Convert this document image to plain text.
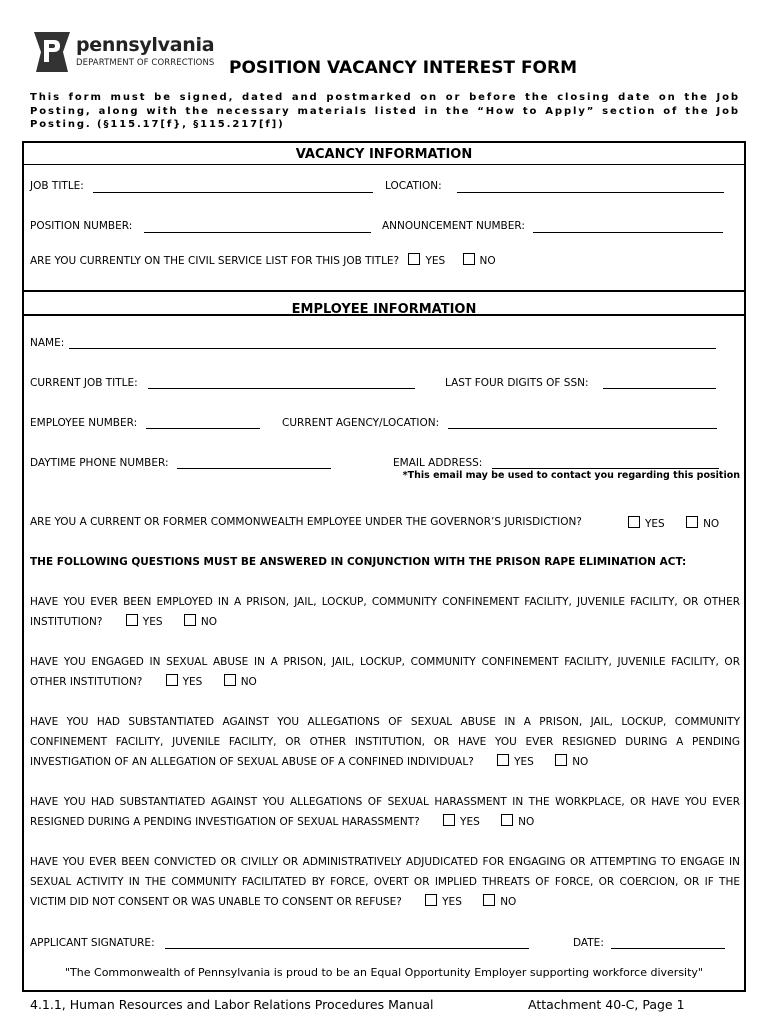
pennsylvania
DEPARTMENT OF CORRECTIONS POSITION VACANCY INTEREST FORM
This form must be signed, dated and postmarked on or before the closing date on the Job Posting, along with the necessary materials listed in the “How to Apply” section of the Job Posting. (§115.17[f}, §115.217[f])
VACANCY INFORMATION
JOB TITLE:	LOCATION:
POSITION NUMBER:	ANNOUNCEMENT NUMBER:
ARE YOU CURRENTLY ON THE CIVIL SERVICE LIST FOR THIS JOB TITLE?	YES	NO
EMPLOYEE INFORMATION
NAME:
CURRENT JOB TITLE:	LAST FOUR DIGITS OF SSN:
EMPLOYEE NUMBER:	CURRENT AGENCY/LOCATION:
DAYTIME PHONE NUMBER:	EMAIL ADDRESS:
*This email may be used to contact you regarding this position
ARE YOU A CURRENT OR FORMER COMMONWEALTH EMPLOYEE UNDER THE GOVERNOR’S JURISDICTION?	YES	NO
THE FOLLOWING QUESTIONS MUST BE ANSWERED IN CONJUNCTION WITH THE PRISON RAPE ELIMINATION ACT:
HAVE YOU EVER BEEN EMPLOYED IN A PRISON, JAIL, LOCKUP, COMMUNITY CONFINEMENT FACILITY, JUVENILE FACILITY, OR OTHER INSTITUTION?	YES	NO
HAVE YOU ENGAGED IN SEXUAL ABUSE IN A PRISON, JAIL, LOCKUP, COMMUNITY CONFINEMENT FACILITY, JUVENILE FACILITY, OR OTHER INSTITUTION?	YES	NO
HAVE YOU HAD SUBSTANTIATED AGAINST YOU ALLEGATIONS OF SEXUAL ABUSE IN A PRISON, JAIL, LOCKUP, COMMUNITY CONFINEMENT FACILITY, JUVENILE FACILITY, OR OTHER INSTITUTION, OR HAVE YOU EVER RESIGNED DURING A PENDING INVESTIGATION OF AN ALLEGATION OF SEXUAL ABUSE OF A CONFINED INDIVIDUAL?	YES	NO
HAVE YOU HAD SUBSTANTIATED AGAINST YOU ALLEGATIONS OF SEXUAL HARASSMENT IN THE WORKPLACE, OR HAVE YOU EVER RESIGNED DURING A PENDING INVESTIGATION OF SEXUAL HARASSMENT?	YES	NO
HAVE YOU EVER BEEN CONVICTED OR CIVILLY OR ADMINISTRATIVELY ADJUDICATED FOR ENGAGING OR ATTEMPTING TO ENGAGE IN SEXUAL ACTIVITY IN THE COMMUNITY FACILITATED BY FORCE, OVERT OR IMPLIED THREATS OF FORCE, OR COERCION, OR IF THE VICTIM DID NOT CONSENT OR WAS UNABLE TO CONSENT OR REFUSE?	YES	NO
APPLICANT SIGNATURE:	DATE:
"The Commonwealth of Pennsylvania is proud to be an Equal Opportunity Employer supporting workforce diversity"
4.1.1, Human Resources and Labor Relations Procedures Manual	Attachment 40-C, Page 1
